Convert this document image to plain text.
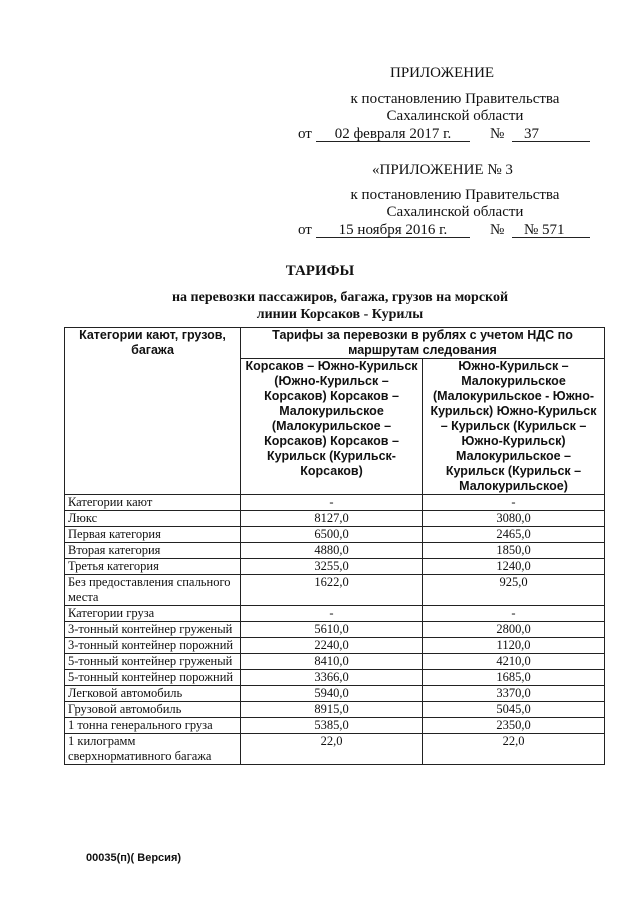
ПРИЛОЖЕНИЕ
к постановлению Правительства
Сахалинской области
от	02 февраля 2017 г.	№ 37
«ПРИЛОЖЕНИЕ № 3
к постановлению Правительства
Сахалинской области
от	15 ноября 2016 г.	№ № 571
ТАРИФЫ
на перевозки пассажиров, багажа, грузов на морской
линии Корсаков - Курилы
Категории кают, грузов, багажа	Тарифы за перевозки в рублях с учетом НДС по маршрутам следования	
	Корсаков – Южно-Курильск (Южно-Курильск – Корсаков) Корсаков – Малокурильское (Малокурильское – Корсаков) Корсаков – Курильск (Курильск-Корсаков)	Южно-Курильск – Малокурильское (Малокурильское - Южно-Курильск) Южно-Курильск – Курильск (Курильск – Южно-Курильск) Малокурильское – Курильск (Курильск – Малокурильское)
Категории кают	-	-
Люкс	8127,0	3080,0
Первая категория	6500,0	2465,0
Вторая категория	4880,0	1850,0
Третья категория	3255,0	1240,0
Без предоставления спального места	1622,0	925,0
Категории груза	-	-
3-тонный контейнер груженый	5610,0	2800,0
3-тонный контейнер порожний	2240,0	1120,0
5-тонный контейнер груженый	8410,0	4210,0
5-тонный контейнер порожний	3366,0	1685,0
Легковой автомобиль	5940,0	3370,0
Грузовой автомобиль	8915,0	5045,0
1 тонна генерального груза	5385,0	2350,0
1 килограмм сверхнормативного багажа	22,0	22,0
00035(п)( Версия)
